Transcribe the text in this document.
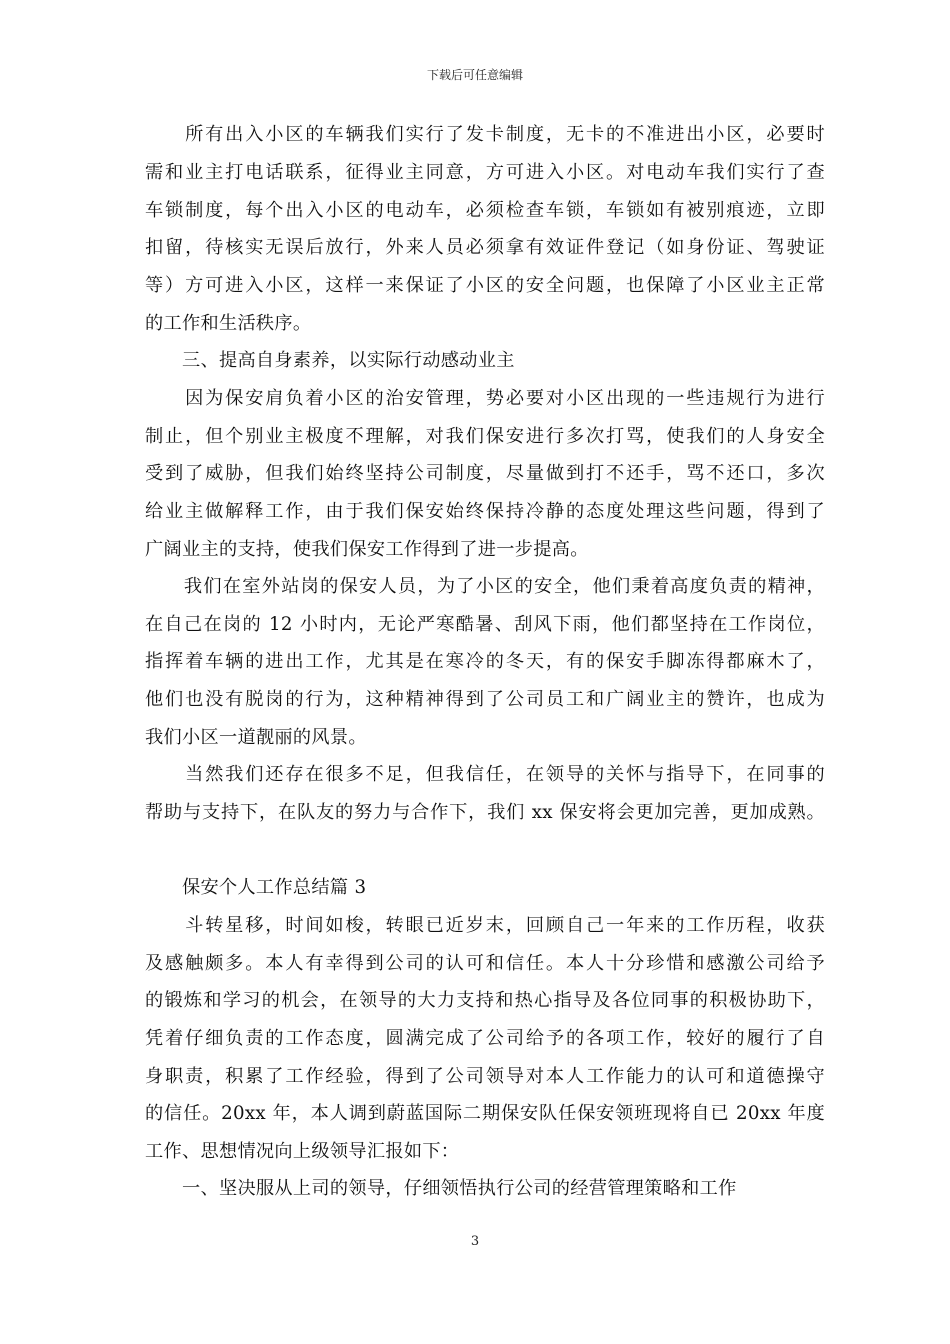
下载后可任意编辑
　　所有出入小区的车辆我们实行了发卡制度，无卡的不准进出小区，必要时
需和业主打电话联系，征得业主同意，方可进入小区。对电动车我们实行了查
车锁制度，每个出入小区的电动车，必须检查车锁，车锁如有被别痕迹，立即
扣留，待核实无误后放行，外来人员必须拿有效证件登记（如身份证、驾驶证
等）方可进入小区，这样一来保证了小区的安全问题，也保障了小区业主正常
的工作和生活秩序。
　　三、提高自身素养，以实际行动感动业主
　　因为保安肩负着小区的治安管理，势必要对小区出现的一些违规行为进行
制止，但个别业主极度不理解，对我们保安进行多次打骂，使我们的人身安全
受到了威胁，但我们始终坚持公司制度，尽量做到打不还手，骂不还口，多次
给业主做解释工作，由于我们保安始终保持冷静的态度处理这些问题，得到了
广阔业主的支持，使我们保安工作得到了进一步提高。
　　我们在室外站岗的保安人员，为了小区的安全，他们秉着高度负责的精神，
在自己在岗的 12 小时内，无论严寒酷暑、刮风下雨，他们都坚持在工作岗位，
指挥着车辆的进出工作，尤其是在寒冷的冬天，有的保安手脚冻得都麻木了，
他们也没有脱岗的行为，这种精神得到了公司员工和广阔业主的赞许，也成为
我们小区一道靓丽的风景。
　　当然我们还存在很多不足，但我信任，在领导的关怀与指导下，在同事的
帮助与支持下，在队友的努力与合作下，我们 xx 保安将会更加完善，更加成熟。
　　保安个人工作总结篇 3
　　斗转星移，时间如梭，转眼已近岁末，回顾自己一年来的工作历程，收获
及感触颇多。本人有幸得到公司的认可和信任。本人十分珍惜和感激公司给予
的锻炼和学习的机会，在领导的大力支持和热心指导及各位同事的积极协助下，
凭着仔细负责的工作态度，圆满完成了公司给予的各项工作，较好的履行了自
身职责，积累了工作经验，得到了公司领导对本人工作能力的认可和道德操守
的信任。20xx 年，本人调到蔚蓝国际二期保安队任保安领班现将自已 20xx 年度
工作、思想情况向上级领导汇报如下：
　　一、坚决服从上司的领导，仔细领悟执行公司的经营管理策略和工作
3
